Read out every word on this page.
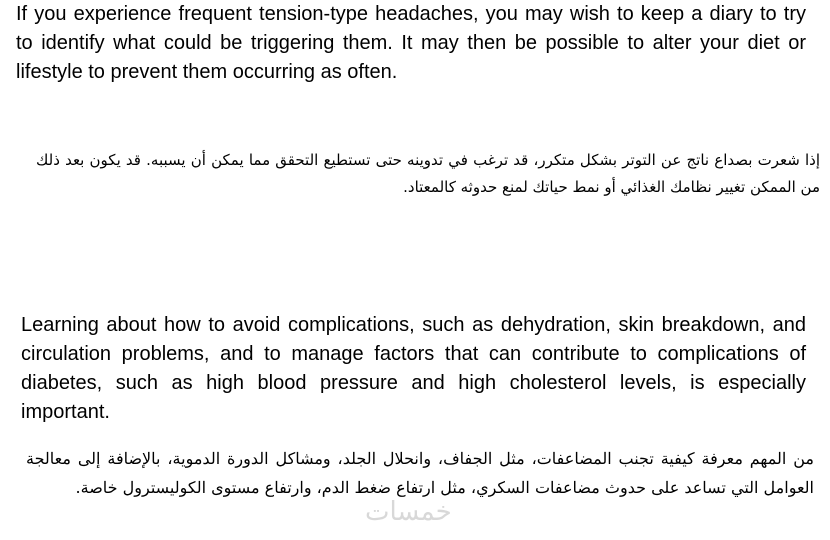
If you experience frequent tension-type headaches, you may wish to keep a diary to try to identify what could be triggering them. It may then be possible to alter your diet or lifestyle to prevent them occurring as often.

إذا شعرت بصداع ناتج عن التوتر بشكل متكرر، قد ترغب في تدوينه حتى تستطيع التحقق مما يمكن أن يسببه. قد يكون بعد ذلك من الممكن تغيير نظامك الغذائي أو نمط حياتك لمنع حدوثه كالمعتاد.

Learning about how to avoid complications, such as dehydration, skin breakdown, and circulation problems, and to manage factors that can contribute to complications of diabetes, such as high blood pressure and high cholesterol levels, is especially important.

من المهم معرفة كيفية تجنب المضاعفات، مثل الجفاف، وانحلال الجلد، ومشاكل الدورة الدموية، بالإضافة إلى معالجة العوامل التي تساعد على حدوث مضاعفات السكري، مثل ارتفاع ضغط الدم، وارتفاع مستوى الكوليسترول خاصة.

خمسات
